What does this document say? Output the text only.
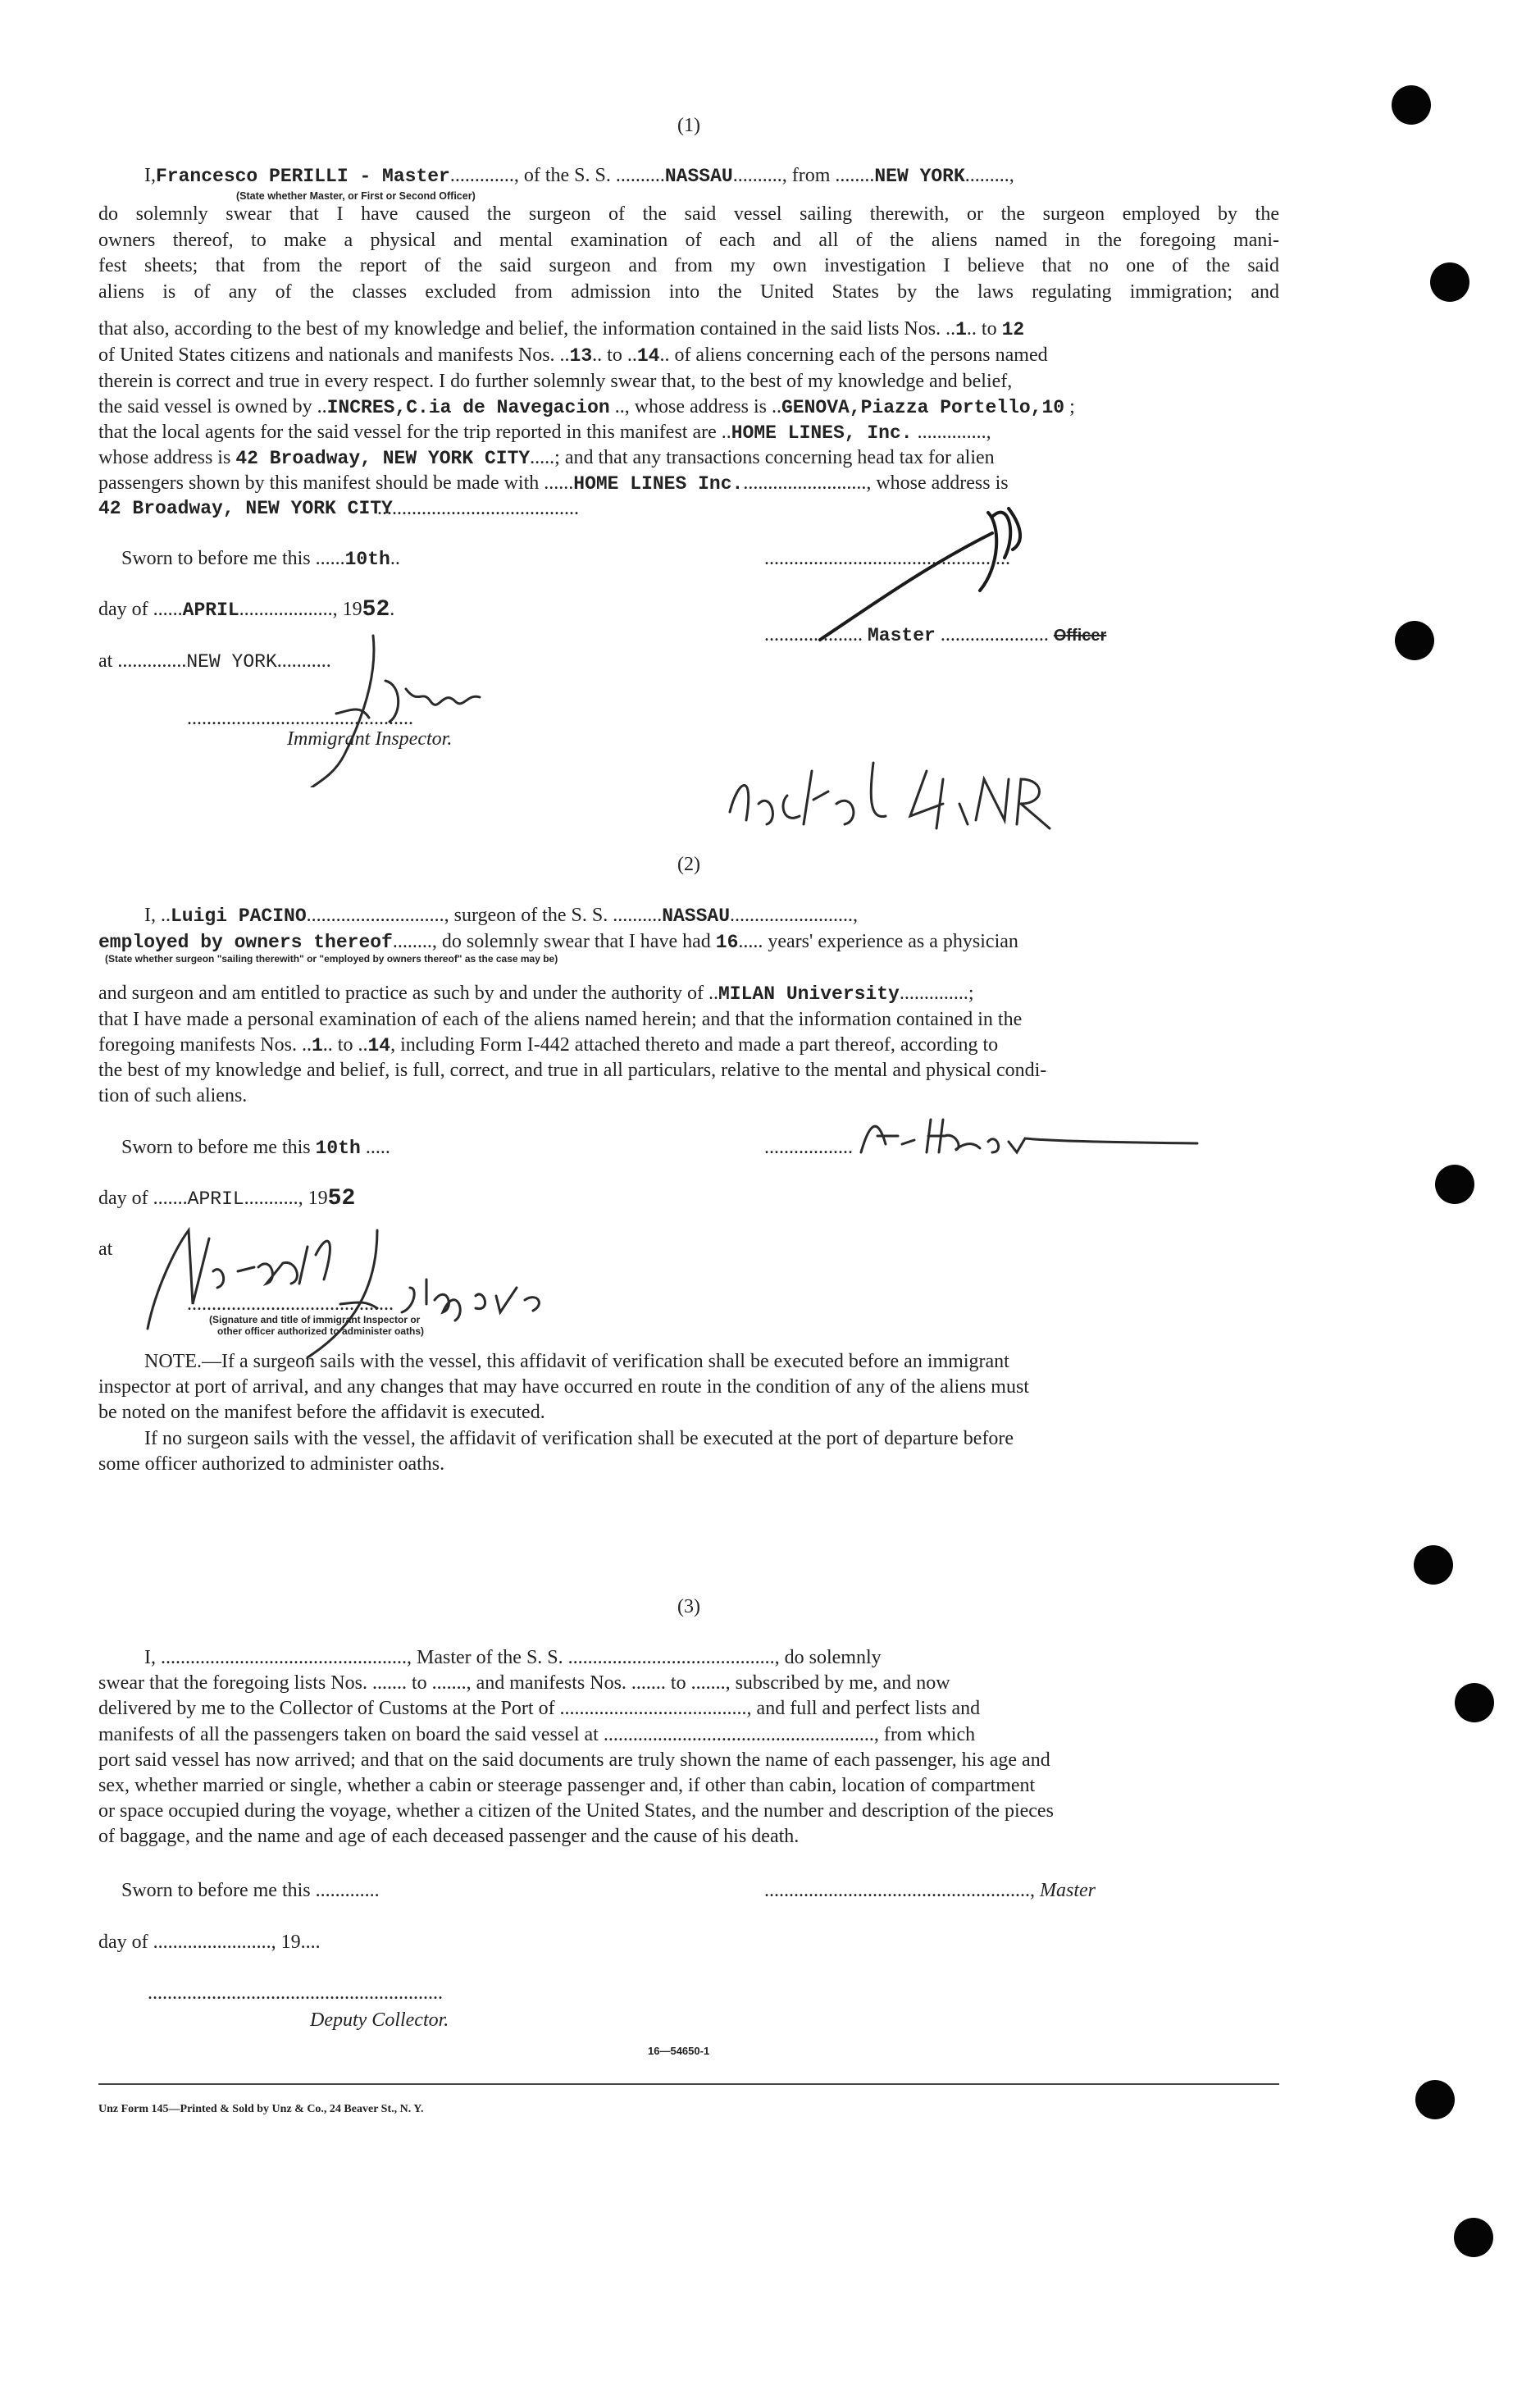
(1)
I,Francesco PERILLI - Master............., of the S. S. ..........NASSAU.........., from ........NEW YORK.........,
(State whether Master, or First or Second Officer)
do solemnly swear that I have caused the surgeon of the said vessel sailing therewith, or the surgeon employed by the
owners thereof, to make a physical and mental examination of each and all of the aliens named in the foregoing mani-
fest sheets; that from the report of the said surgeon and from my own investigation I believe that no one of the said
aliens is of any of the classes excluded from admission into the United States by the laws regulating immigration; and
that also, according to the best of my knowledge and belief, the information contained in the said lists Nos. ..1.. to 12
of United States citizens and nationals and manifests Nos. ..13.. to ..14.. of aliens concerning each of the persons named
therein is correct and true in every respect. I do further solemnly swear that, to the best of my knowledge and belief,
the said vessel is owned by ..INCRES,C.ia de Navegacion .., whose address is ..GENOVA,Piazza Portello,10 ;
that the local agents for the said vessel for the trip reported in this manifest are ..HOME LINES, Inc. ..............,
whose address is 42 Broadway, NEW YORK CITY.....; and that any transactions concerning head tax for alien
passengers shown by this manifest should be made with ......HOME LINES Inc.........................., whose address is
42 Broadway, NEW YORK CITY
.........................................
Sworn to before me this ......10th..	..................................................
day of ......APRIL..................., 1952.
.................... Master ...................... Officer
at ..............NEW YORK...........
..............................................
Immigrant Inspector.
(2)
I, ..Luigi PACINO............................, surgeon of the S. S. ..........NASSAU.........................,
employed by owners thereof........, do solemnly swear that I have had 16..... years' experience as a physician
(State whether surgeon "sailing therewith" or "employed by owners thereof" as the case may be)
and surgeon and am entitled to practice as such by and under the authority of ..MILAN University..............;
that I have made a personal examination of each of the aliens named herein; and that the information contained in the
foregoing manifests Nos. ..1.. to ..14, including Form I-442 attached thereto and made a part thereof, according to
the best of my knowledge and belief, is full, correct, and true in all particulars, relative to the mental and physical condi-
tion of such aliens.
Sworn to before me this 10th .....	..................
day of .......APRIL..........., 1952
at
..........................................
(Signature and title of immigrant Inspector or
other officer authorized to administer oaths)
NOTE.—If a surgeon sails with the vessel, this affidavit of verification shall be executed before an immigrant
inspector at port of arrival, and any changes that may have occurred en route in the condition of any of the aliens must
be noted on the manifest before the affidavit is executed.
If no surgeon sails with the vessel, the affidavit of verification shall be executed at the port of departure before
some officer authorized to administer oaths.
(3)
I, .................................................., Master of the S. S. .........................................., do solemnly
swear that the foregoing lists Nos. ....... to ......., and manifests Nos. ....... to ......., subscribed by me, and now
delivered by me to the Collector of Customs at the Port of ......................................, and full and perfect lists and
manifests of all the passengers taken on board the said vessel at ......................................................., from which
port said vessel has now arrived; and that on the said documents are truly shown the name of each passenger, his age and
sex, whether married or single, whether a cabin or steerage passenger and, if other than cabin, location of compartment
or space occupied during the voyage, whether a citizen of the United States, and the number and description of the pieces
of baggage, and the name and age of each deceased passenger and the cause of his death.
Sworn to before me this .............	......................................................, Master
day of ........................, 19....
............................................................
Deputy Collector.
16—54650-1
Unz Form 145—Printed & Sold by Unz & Co., 24 Beaver St., N. Y.
